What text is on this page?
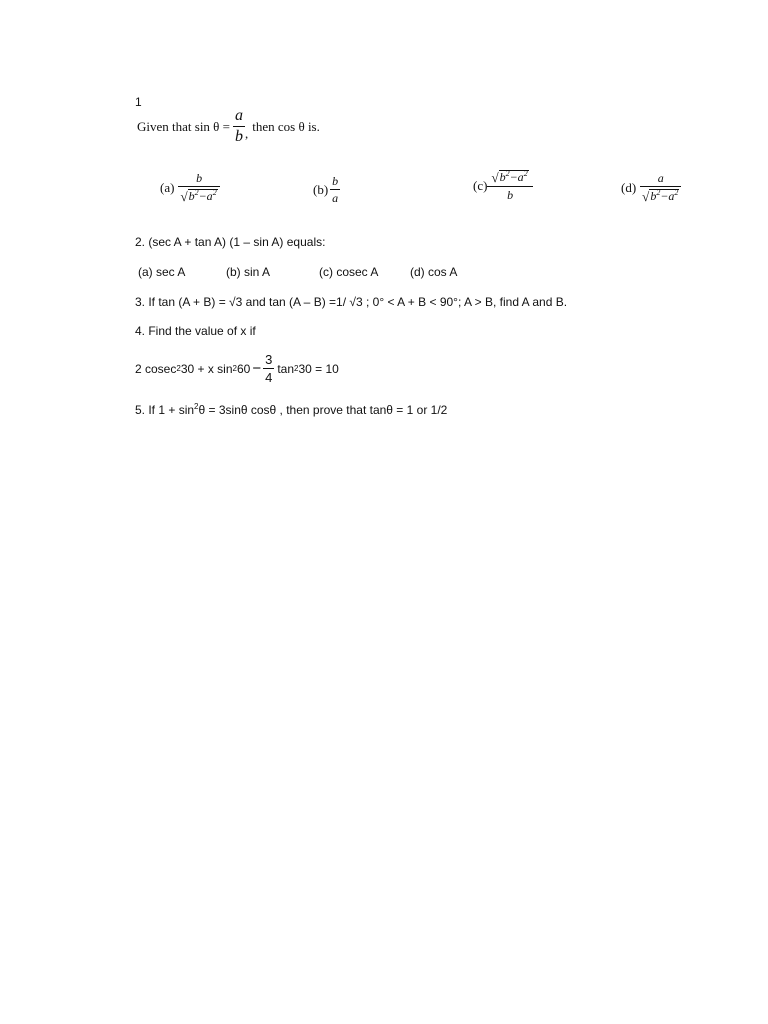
1
Given that $\sin \theta = \frac{a}{b}$ , then cos θ is.
$(a) \frac{b}{√ b^2-a^2}$	$(b) \frac{b}{a}$	$(c) \frac{√ b^2-a^2}{b}$	$(d) \frac{a}{√ b^2-a^2}$
2. (sec A + tan A) (1 – sin A) equals:
(a) sec A	(b) sin A	(c) cosec A	(d) cos A
3. If tan (A + B) = √3 and tan (A – B) =1/ √3 ; 0° < A + B < 90°; A > B, find A and B.
4. Find the value of x if
2 cosec 2 30 + x sin 2 $60 - \frac{3}{4}$ tan 2 30 = 10
5. If $1 + \sin^2\theta = 3\sin\theta$ cosθ , then prove that tanθ = 1 or 1/2
